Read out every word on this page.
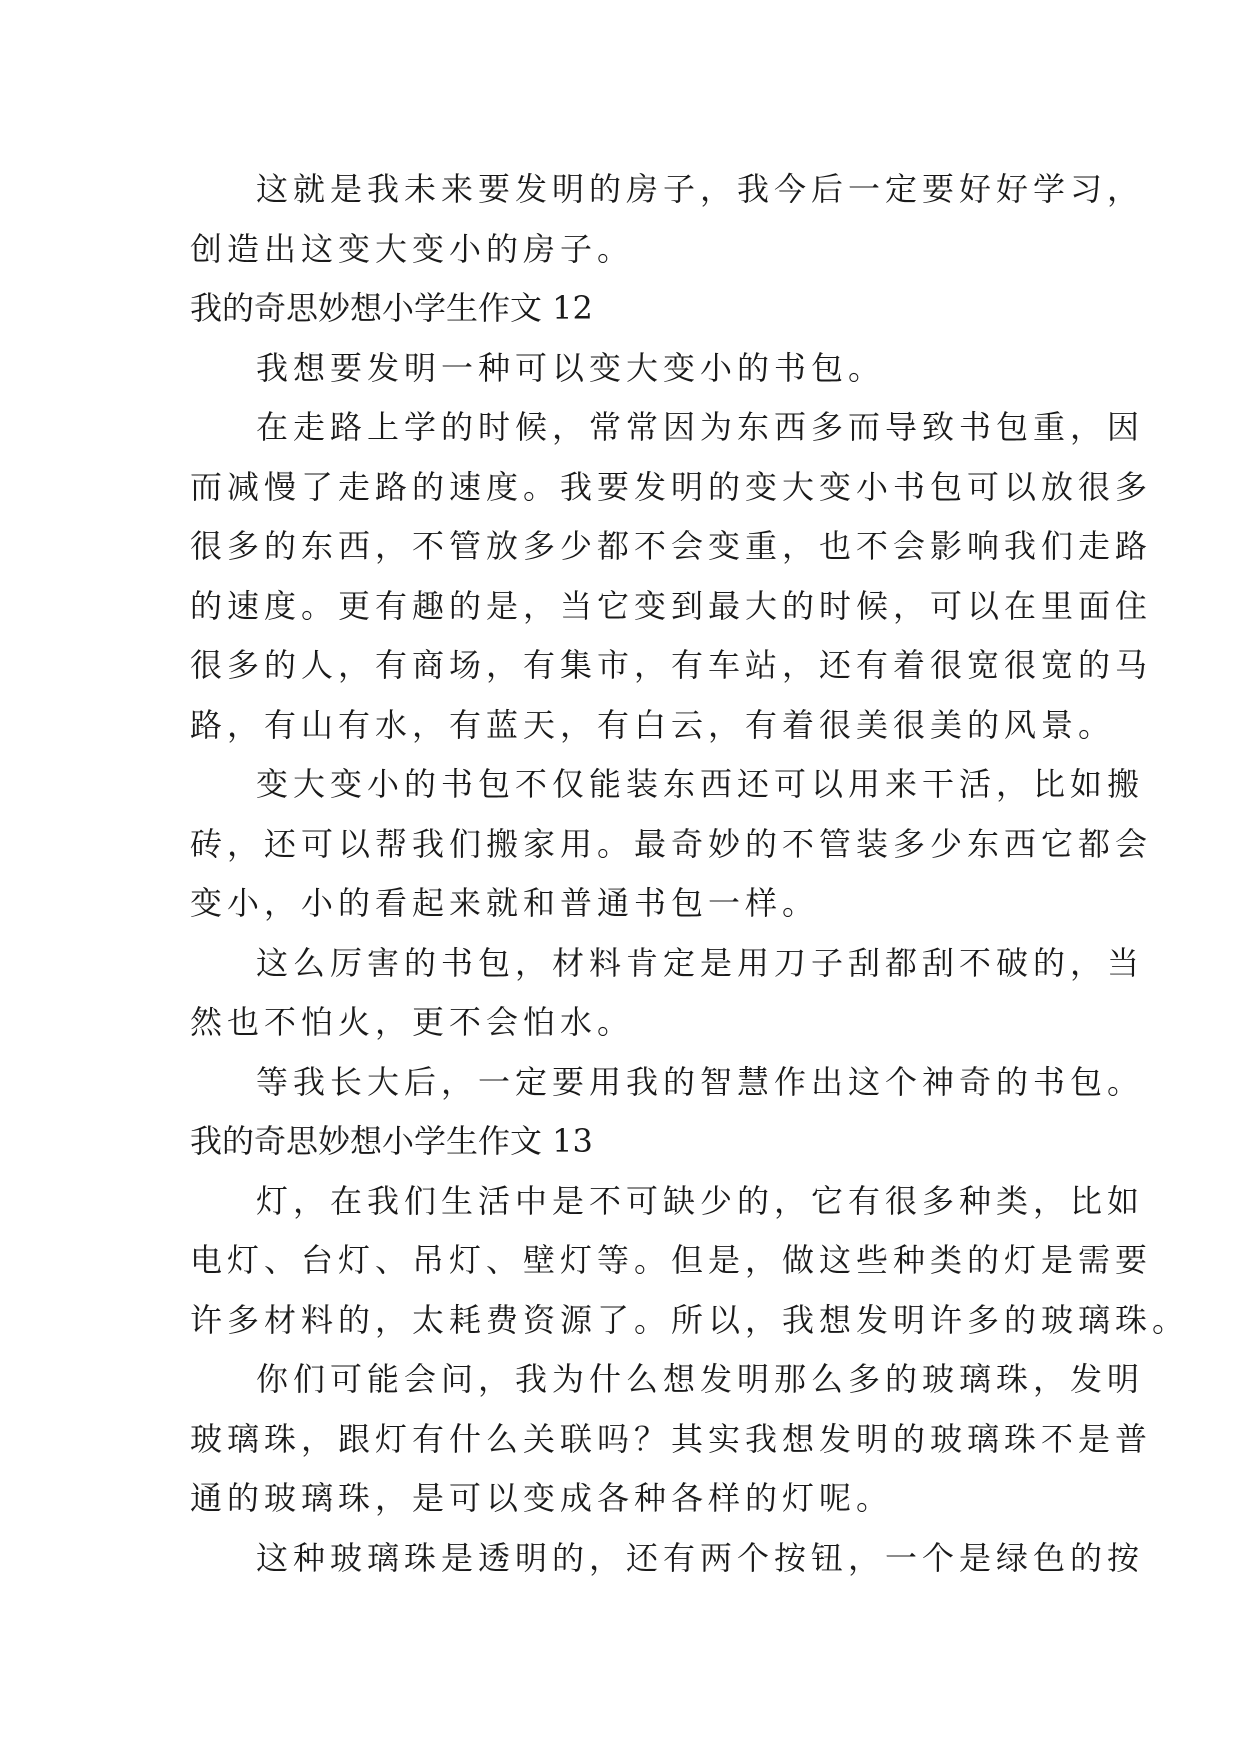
这就是我未来要发明的房子，我今后一定要好好学习，
创造出这变大变小的房子。
我的奇思妙想小学生作文 12
我想要发明一种可以变大变小的书包。
在走路上学的时候，常常因为东西多而导致书包重，因
而减慢了走路的速度。我要发明的变大变小书包可以放很多
很多的东西，不管放多少都不会变重，也不会影响我们走路
的速度。更有趣的是，当它变到最大的时候，可以在里面住
很多的人，有商场，有集市，有车站，还有着很宽很宽的马
路，有山有水，有蓝天，有白云，有着很美很美的风景。
变大变小的书包不仅能装东西还可以用来干活，比如搬
砖，还可以帮我们搬家用。最奇妙的不管装多少东西它都会
变小，小的看起来就和普通书包一样。
这么厉害的书包，材料肯定是用刀子刮都刮不破的，当
然也不怕火，更不会怕水。
等我长大后，一定要用我的智慧作出这个神奇的书包。
我的奇思妙想小学生作文 13
灯，在我们生活中是不可缺少的，它有很多种类，比如
电灯、台灯、吊灯、壁灯等。但是，做这些种类的灯是需要
许多材料的，太耗费资源了。所以，我想发明许多的玻璃珠。
你们可能会问，我为什么想发明那么多的玻璃珠，发明
玻璃珠，跟灯有什么关联吗？其实我想发明的玻璃珠不是普
通的玻璃珠，是可以变成各种各样的灯呢。
这种玻璃珠是透明的，还有两个按钮，一个是绿色的按
